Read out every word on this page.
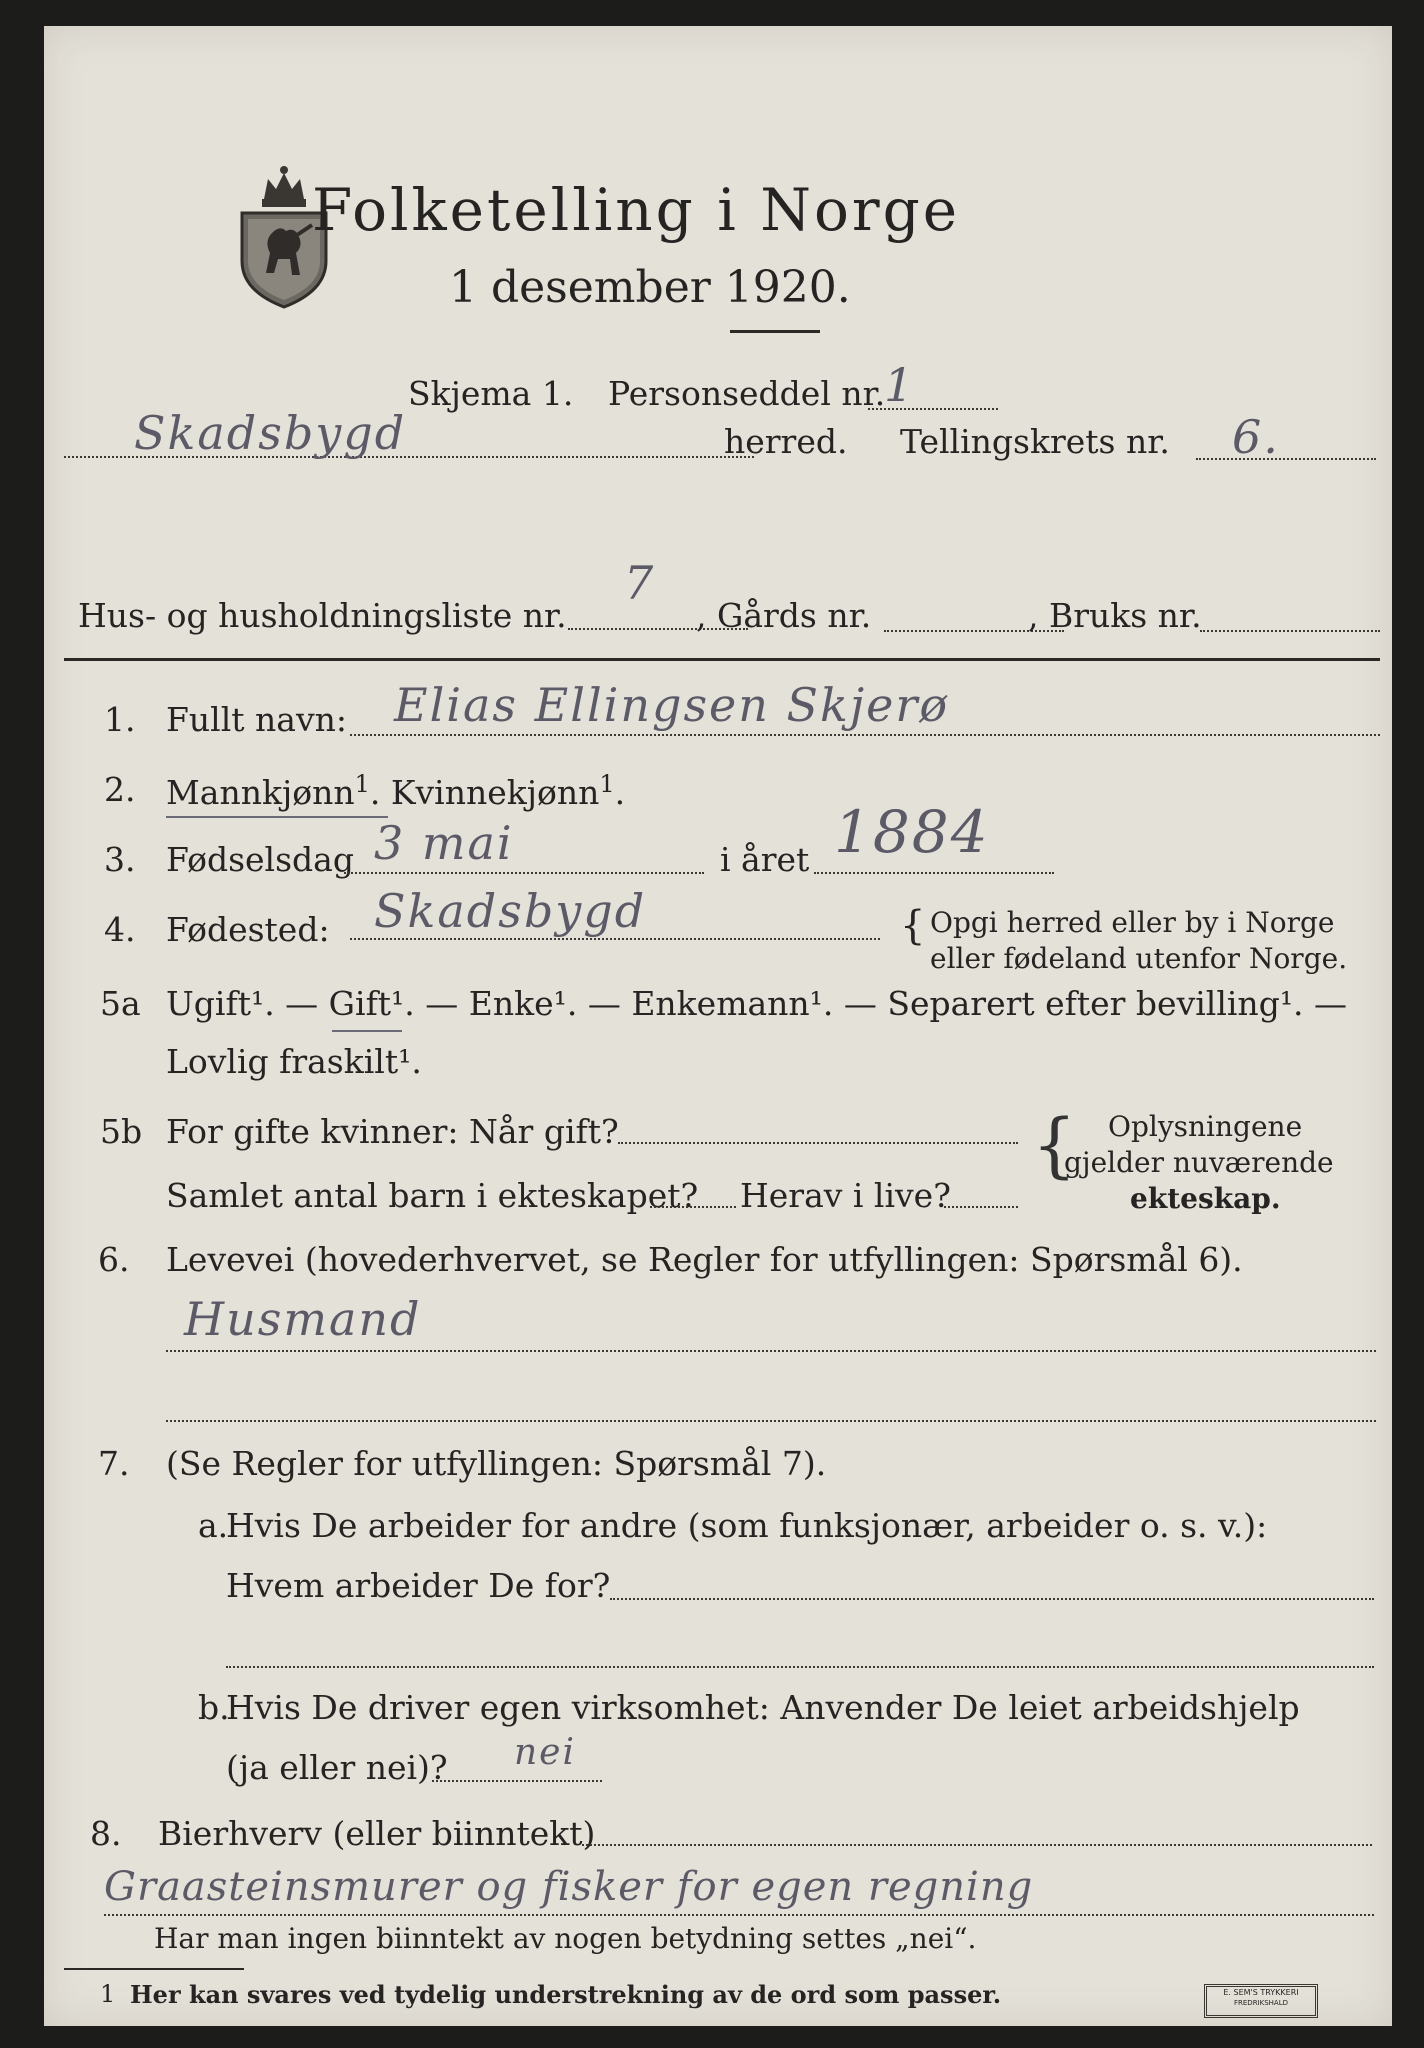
Folketelling i Norge
1 desember 1920.
Skjema 1. Personseddel nr.
1
Skadsbygd	herred. Tellingskrets nr. 6.
Hus- og husholdningsliste nr.
7
, Gårds nr.	, Bruks nr.
1. Fullt navn: Elias Ellingsen Skjerø
2. Mannkjønn$^1$. Kvinnekjønn$^1$.
3. Fødselsdag 3 mai	i året 1884
4. Fødested: Skadsbygd	{ Opgi herred eller by i Norge
eller fødeland utenfor Norge.
5a Ugift¹. — Gift¹. — Enke¹. — Enkemann¹. — Separert efter bevilling¹. —
Lovlig fraskilt¹.
5b For gifte kvinner: Når gift?
Samlet antal barn i ekteskapet? Herav i live?
{ Oplysningene
gjelder nuværende
ekteskap.
6. Levevei (hovederhvervet, se Regler for utfyllingen: Spørsmål 6).
Husmand
7. (Se Regler for utfyllingen: Spørsmål 7).
a.
Hvis De arbeider for andre (som funksjonær, arbeider o. s. v.):
Hvem arbeider De for?
b.
Hvis De driver egen virksomhet: Anvender De leiet arbeidshjelp
(ja eller nei)? nei
8. Bierhverv (eller biinntekt)
Graasteinsmurer og fisker for egen regning
Har man ingen biinntekt av nogen betydning settes „nei“.
1 Her kan svares ved tydelig understrekning av de ord som passer.	E. SEM'S TRYKKERI
FREDRIKSHALD
